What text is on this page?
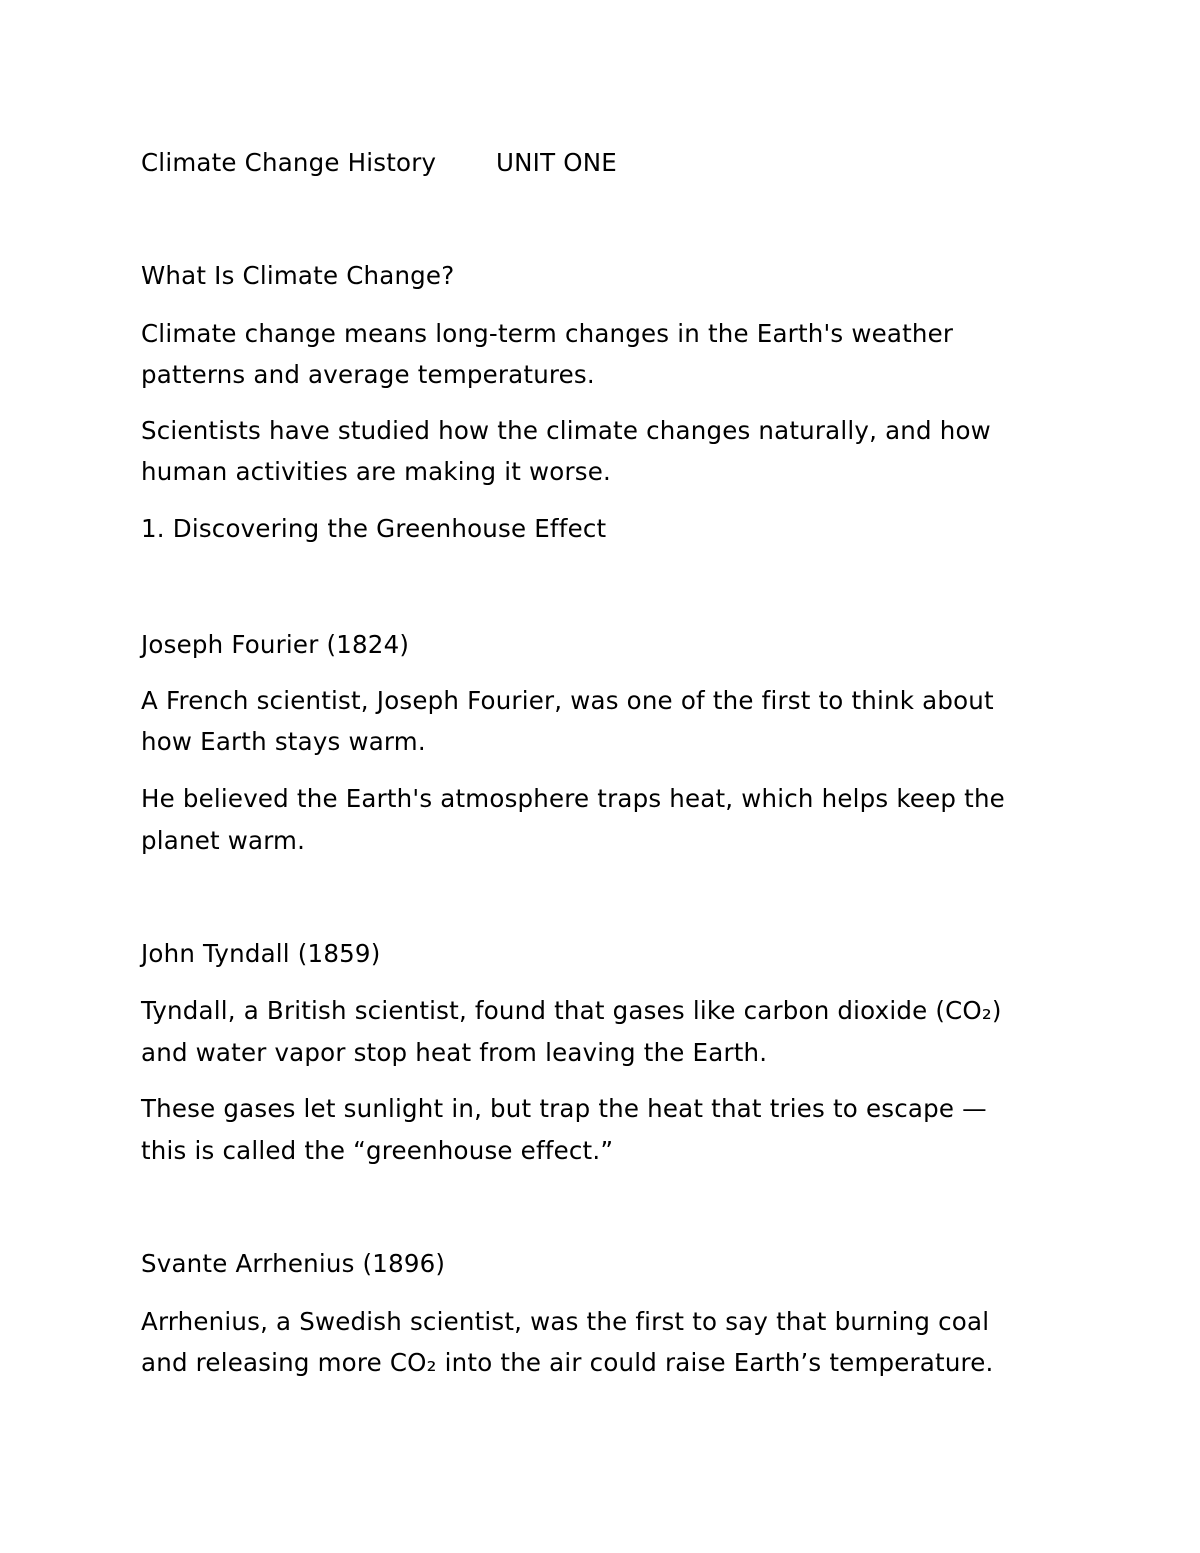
Climate Change History UNIT ONE
What Is Climate Change?
Climate change means long-term changes in the Earth's weather
patterns and average temperatures.
Scientists have studied how the climate changes naturally, and how
human activities are making it worse.
1. Discovering the Greenhouse Effect
Joseph Fourier (1824)
A French scientist, Joseph Fourier, was one of the first to think about
how Earth stays warm.
He believed the Earth's atmosphere traps heat, which helps keep the
planet warm.
John Tyndall (1859)
Tyndall, a British scientist, found that gases like carbon dioxide (CO₂)
and water vapor stop heat from leaving the Earth.
These gases let sunlight in, but trap the heat that tries to escape —
this is called the “greenhouse effect.”
Svante Arrhenius (1896)
Arrhenius, a Swedish scientist, was the first to say that burning coal
and releasing more CO₂ into the air could raise Earth’s temperature.
